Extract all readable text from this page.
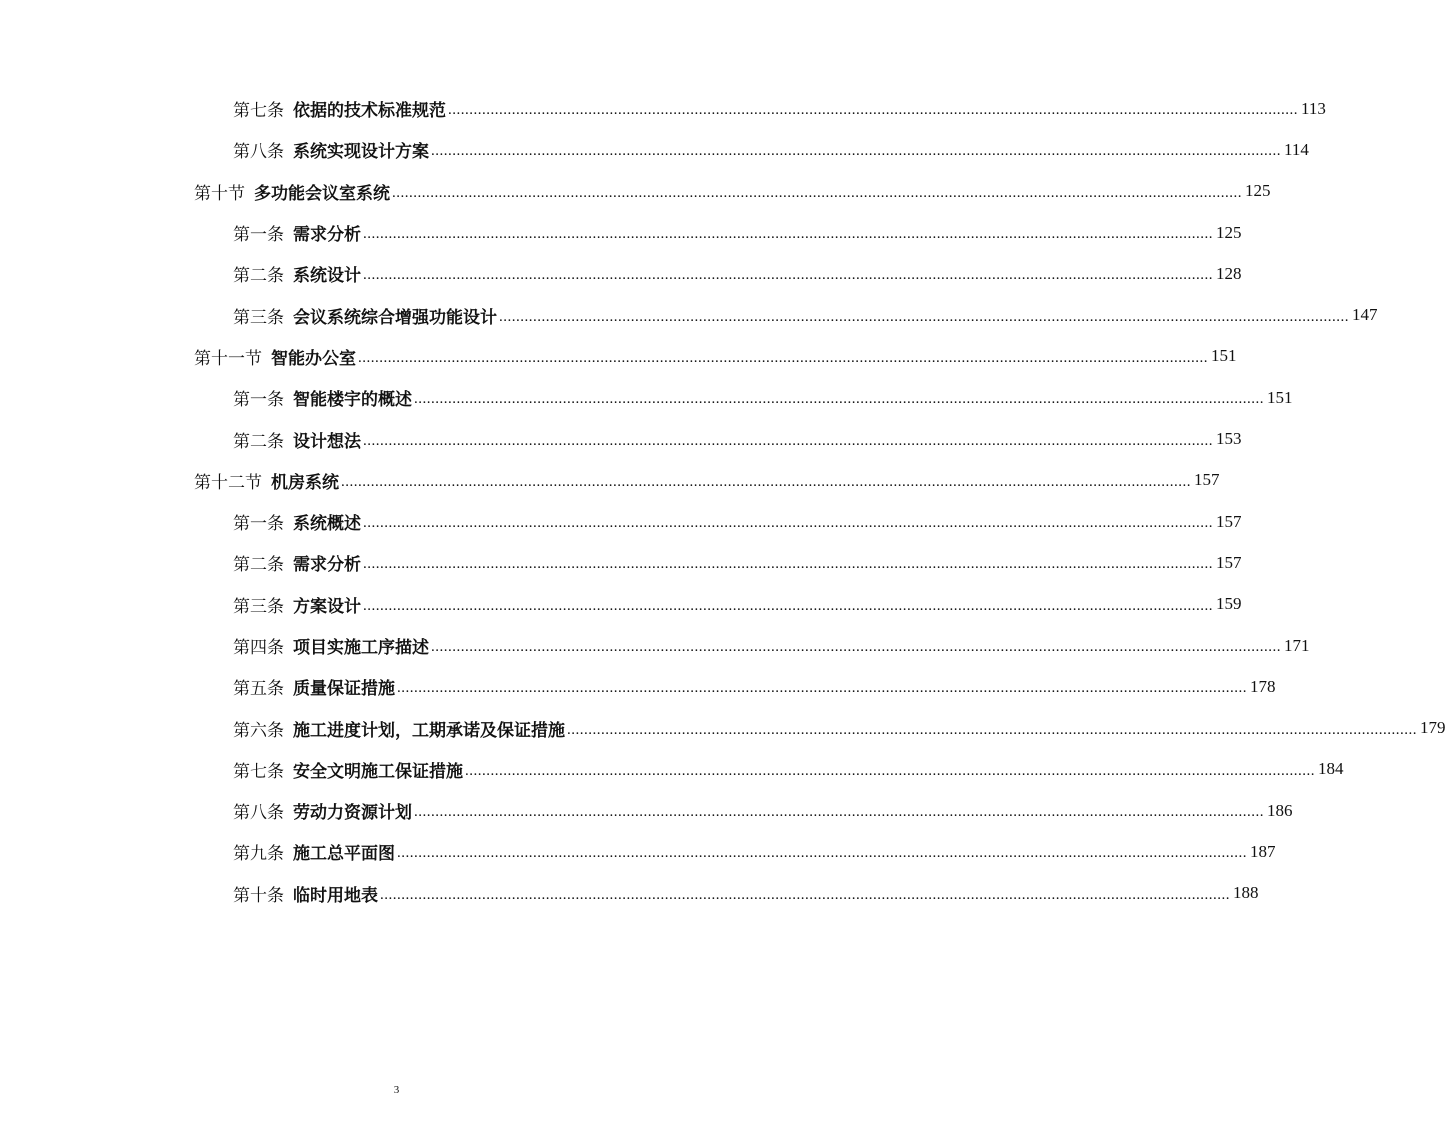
第七条 依据的技术标准规范 ........................................................................................................................................................................................................ 113
第八条 系统实现设计方案 ........................................................................................................................................................................................................ 114
第十节 多功能会议室系统 ........................................................................................................................................................................................................ 125
第一条 需求分析 ........................................................................................................................................................................................................ 125
第二条 系统设计 ........................................................................................................................................................................................................ 128
第三条 会议系统综合增强功能设计 ........................................................................................................................................................................................................ 147
第十一节 智能办公室 ........................................................................................................................................................................................................ 151
第一条 智能楼宇的概述 ........................................................................................................................................................................................................ 151
第二条 设计想法 ........................................................................................................................................................................................................ 153
第十二节 机房系统 ........................................................................................................................................................................................................ 157
第一条 系统概述 ........................................................................................................................................................................................................ 157
第二条 需求分析 ........................................................................................................................................................................................................ 157
第三条 方案设计 ........................................................................................................................................................................................................ 159
第四条 项目实施工序描述 ........................................................................................................................................................................................................ 171
第五条 质量保证措施 ........................................................................................................................................................................................................ 178
第六条 施工进度计划，工期承诺及保证措施 ........................................................................................................................................................................................................ 179
第七条 安全文明施工保证措施 ........................................................................................................................................................................................................ 184
第八条 劳动力资源计划 ........................................................................................................................................................................................................ 186
第九条 施工总平面图 ........................................................................................................................................................................................................ 187
第十条 临时用地表 ........................................................................................................................................................................................................ 188
3
